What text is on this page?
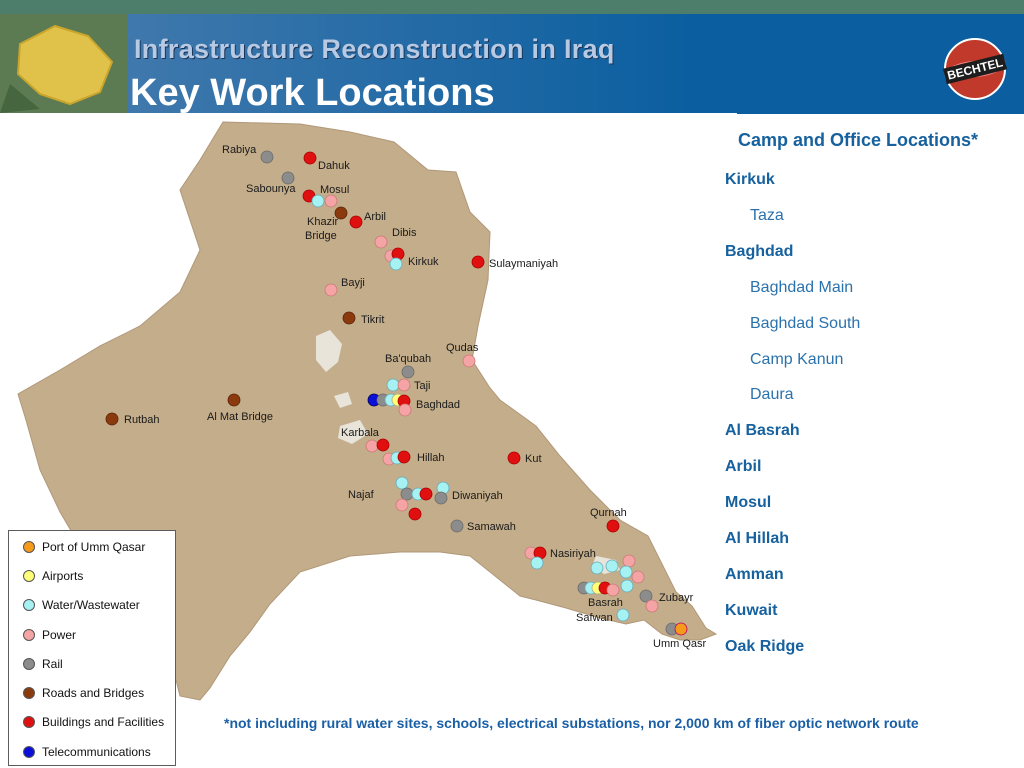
Infrastructure Reconstruction in Iraq
Key Work Locations
BECHTEL
Rabiya
Dahuk
Sabounya Mosul
Khazir
Bridge
Arbil
Dibis
Kirkuk	Sulaymaniyah
Bayji
Tikrit
Qudas
Ba'qubah
Taji
Baghdad
Rutbah	Al Mat Bridge
Karbala
Hillah	Kut
Najaf	Diwaniyah
Samawah
Qurnah
Nasiriyah
Zubayr
Basrah
Safwan
Umm Qasr
Camp and Office Locations*
Kirkuk
Taza
Baghdad
Baghdad Main
Baghdad South
Camp Kanun
Daura
Al Basrah
Arbil
Mosul
Al Hillah
Amman
Kuwait
Oak Ridge
Port of Umm Qasar
Airports
Water/Wastewater
Power
Rail
Roads and Bridges
Buildings and Facilities
Telecommunications
*not including rural water sites, schools, electrical substations, nor 2,000 km of fiber optic network route
